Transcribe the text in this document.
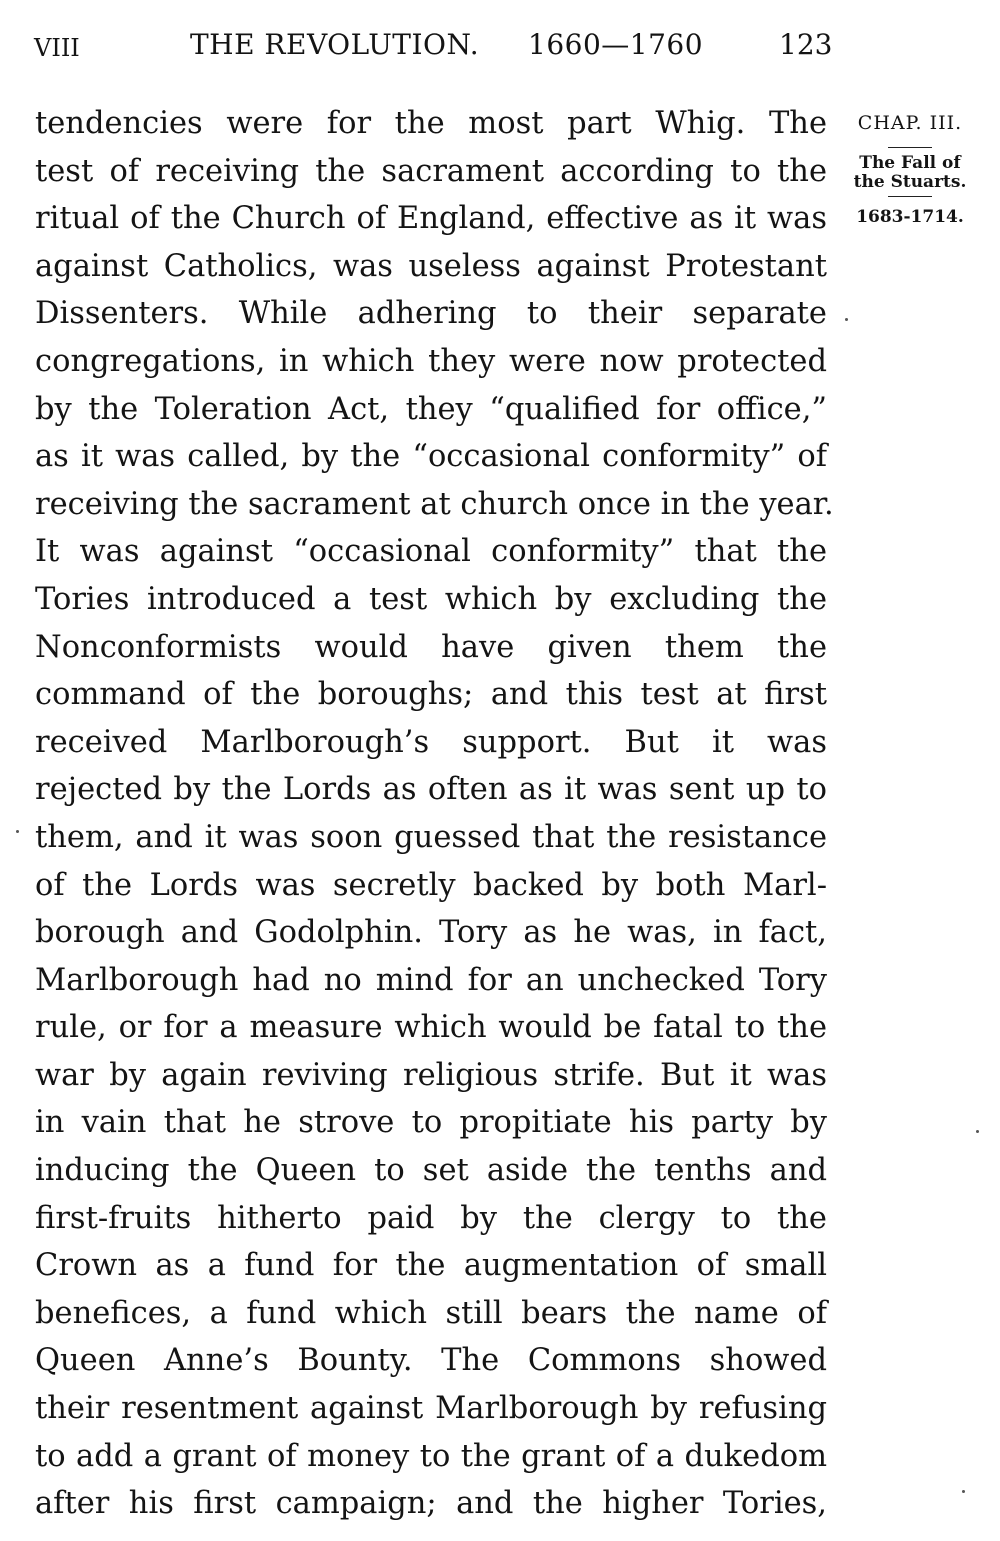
VIII	THE REVOLUTION. 1660—1760	123
tendencies were for the most part Whig. The
test of receiving the sacrament according to the
ritual of the Church of England, effective as it was
against Catholics, was useless against Protestant
Dissenters. While adhering to their separate
congregations, in which they were now protected
by the Toleration Act, they “qualified for office,”
as it was called, by the “occasional conformity” of
receiving the sacrament at church once in the year.
It was against “occasional conformity” that the
Tories introduced a test which by excluding the
Nonconformists would have given them the
command of the boroughs; and this test at first
received Marlborough’s support. But it was
rejected by the Lords as often as it was sent up to
them, and it was soon guessed that the resistance
of the Lords was secretly backed by both Marl-
borough and Godolphin. Tory as he was, in fact,
Marlborough had no mind for an unchecked Tory
rule, or for a measure which would be fatal to the
war by again reviving religious strife. But it was
in vain that he strove to propitiate his party by
inducing the Queen to set aside the tenths and
first-fruits hitherto paid by the clergy to the
Crown as a fund for the augmentation of small
benefices, a fund which still bears the name of
Queen Anne’s Bounty. The Commons showed
their resentment against Marlborough by refusing
to add a grant of money to the grant of a dukedom
after his first campaign; and the higher Tories,
CHAP. III.
The Fall of the Stuarts.
1683-1714.
